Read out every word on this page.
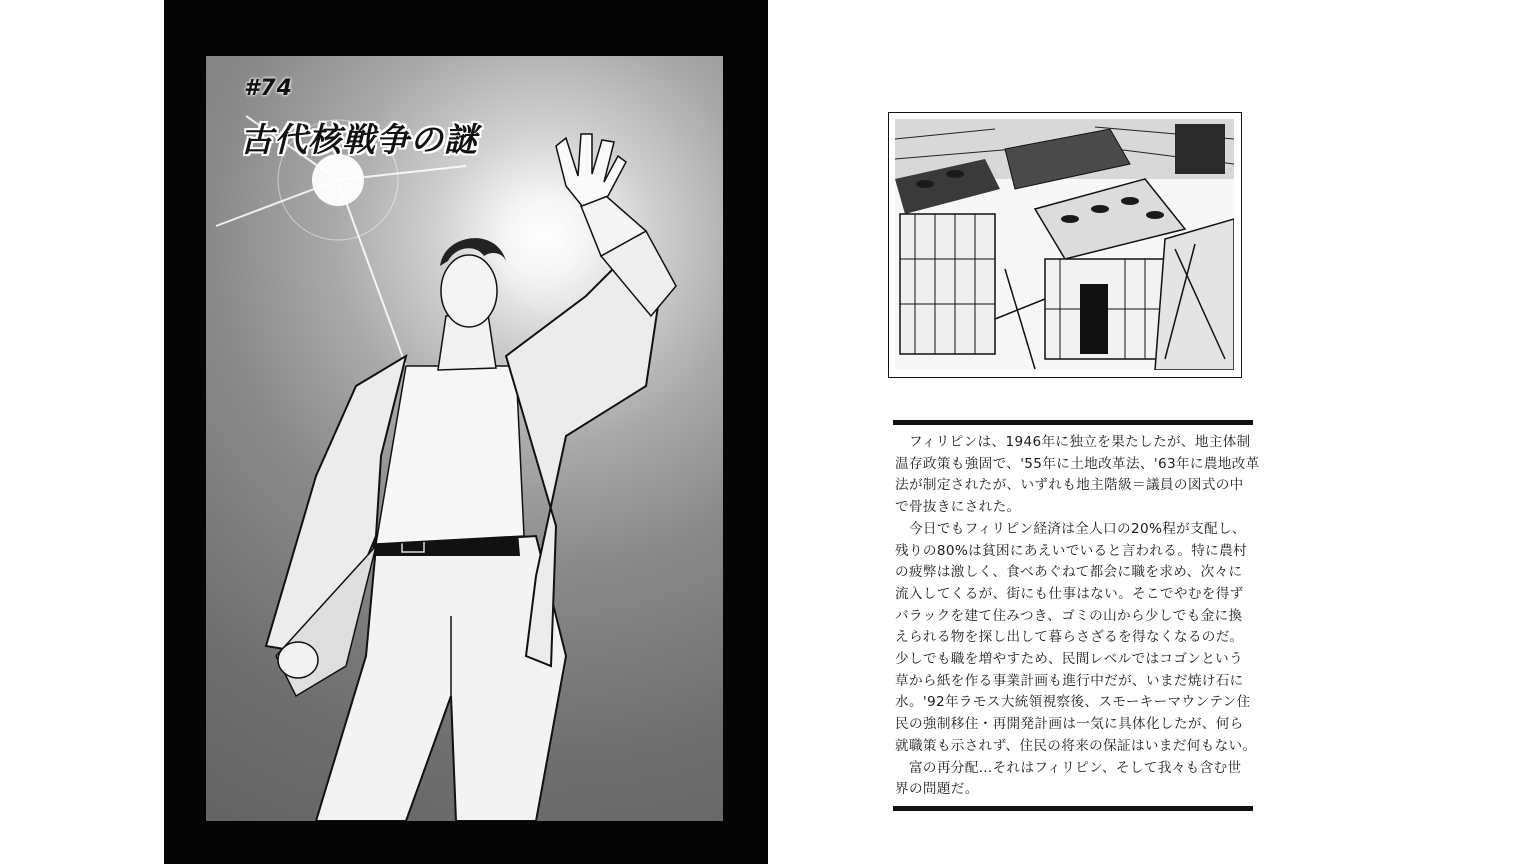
#74
古代核戦争の謎

　フィリピンは、1946年に独立を果たしたが、地主体制

温存政策も強固で、'55年に土地改革法、'63年に農地改革

法が制定されたが、いずれも地主階級＝議員の図式の中

で骨抜きにされた。

　今日でもフィリピン経済は全人口の20%程が支配し、

残りの80%は貧困にあえいでいると言われる。特に農村

の疲弊は激しく、食べあぐねて都会に職を求め、次々に

流入してくるが、街にも仕事はない。そこでやむを得ず

バラックを建て住みつき、ゴミの山から少しでも金に換

えられる物を探し出して暮らさざるを得なくなるのだ。

少しでも職を増やすため、民間レベルではコゴンという

草から紙を作る事業計画も進行中だが、いまだ焼け石に

水。'92年ラモス大統領視察後、スモーキーマウンテン住

民の強制移住・再開発計画は一気に具体化したが、何ら

就職策も示されず、住民の将来の保証はいまだ何もない。

　富の再分配…それはフィリピン、そして我々も含む世

界の問題だ。
